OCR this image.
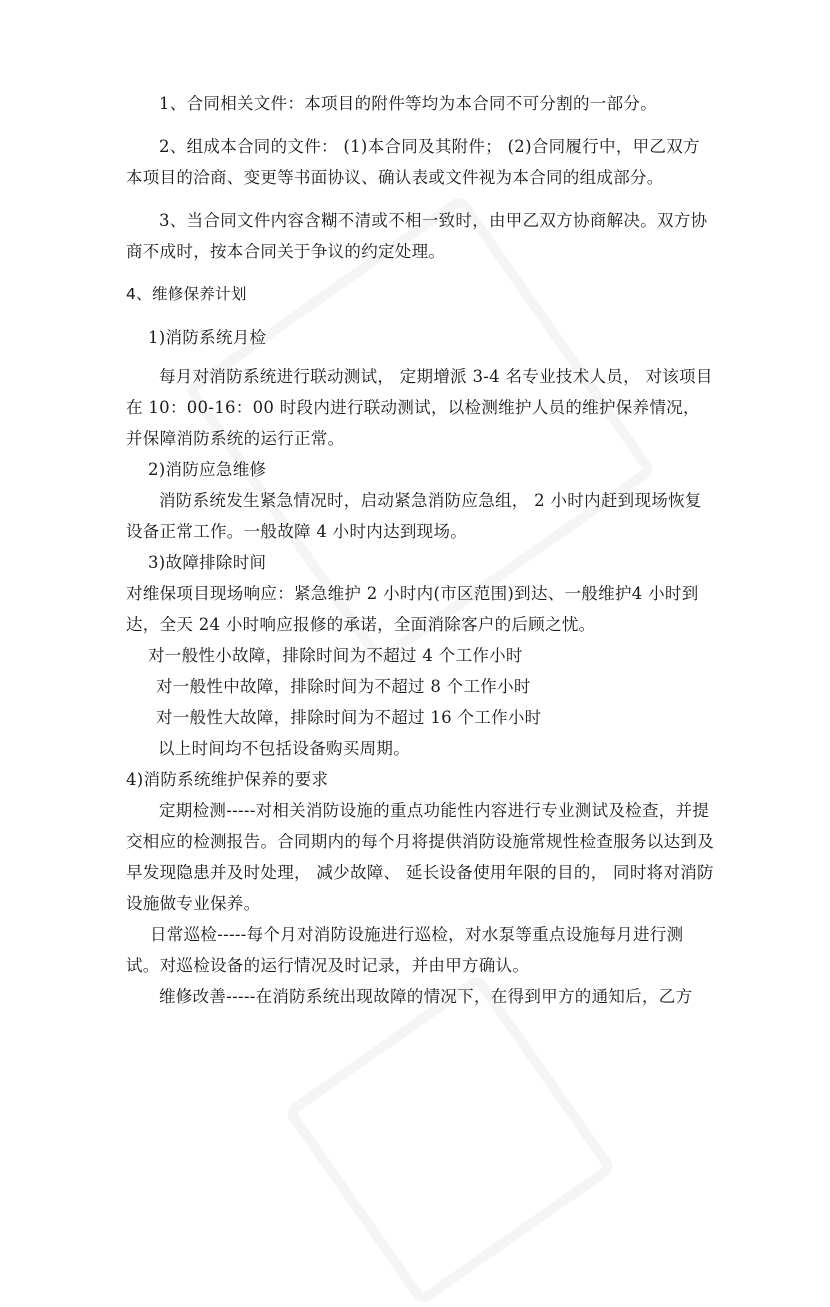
1、合同相关文件：本项目的附件等均为本合同不可分割的一部分。

2、组成本合同的文件： (1)本合同及其附件； (2)合同履行中，甲乙双方本项目的洽商、变更等书面协议、确认表或文件视为本合同的组成部分。

3、当合同文件内容含糊不清或不相一致时，由甲乙双方协商解决。双方协商不成时，按本合同关于争议的约定处理。

4、维修保养计划

1)消防系统月检

每月对消防系统进行联动测试， 定期增派 3-4 名专业技术人员， 对该项目在 10：00-16：00 时段内进行联动测试，以检测维护人员的维护保养情况，并保障消防系统的运行正常。

2)消防应急维修

消防系统发生紧急情况时，启动紧急消防应急组， 2 小时内赶到现场恢复设备正常工作。一般故障 4 小时内达到现场。

3)故障排除时间

对维保项目现场响应：紧急维护 2 小时内(市区范围)到达、一般维护4 小时到达，全天 24 小时响应报修的承诺，全面消除客户的后顾之忧。

对一般性小故障，排除时间为不超过 4 个工作小时

对一般性中故障，排除时间为不超过 8 个工作小时

对一般性大故障，排除时间为不超过 16 个工作小时

以上时间均不包括设备购买周期。

4)消防系统维护保养的要求

定期检测-----对相关消防设施的重点功能性内容进行专业测试及检查，并提交相应的检测报告。合同期内的每个月将提供消防设施常规性检查服务以达到及早发现隐患并及时处理， 减少故障、 延长设备使用年限的目的， 同时将对消防设施做专业保养。

日常巡检-----每个月对消防设施进行巡检，对水泵等重点设施每月进行测试。对巡检设备的运行情况及时记录，并由甲方确认。

维修改善-----在消防系统出现故障的情况下，在得到甲方的通知后，乙方
